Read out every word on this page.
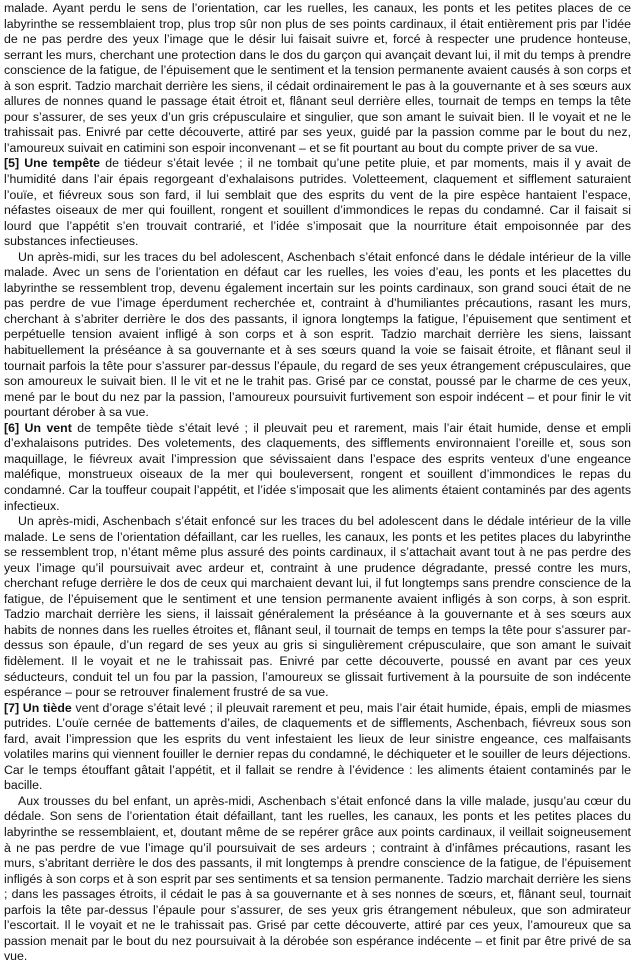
malade. Ayant perdu le sens de l’orientation, car les ruelles, les canaux, les ponts et les petites places de ce labyrinthe se ressemblaient trop, plus trop sûr non plus de ses points cardinaux, il était entièrement pris par l’idée de ne pas perdre des yeux l’image que le désir lui faisait suivre et, forcé à respecter une prudence honteuse, serrant les murs, cherchant une protection dans le dos du garçon qui avançait devant lui, il mit du temps à prendre conscience de la fatigue, de l’épuisement que le sentiment et la tension permanente avaient causés à son corps et à son esprit. Tadzio marchait derrière les siens, il cédait ordinairement le pas à la gouvernante et à ses sœurs aux allures de nonnes quand le passage était étroit et, flânant seul derrière elles, tournait de temps en temps la tête pour s’assurer, de ses yeux d’un gris crépusculaire et singulier, que son amant le suivait bien. Il le voyait et ne le trahissait pas. Enivré par cette découverte, attiré par ses yeux, guidé par la passion comme par le bout du nez, l’amoureux suivait en catimini son espoir inconvenant – et se fit pourtant au bout du compte priver de sa vue.

[5] Une tempête de tiédeur s’était levée ; il ne tombait qu’une petite pluie, et par moments, mais il y avait de l’humidité dans l’air épais regorgeant d’exhalaisons putrides. Voletteement, claquement et sifflement saturaient l’ouïe, et fiévreux sous son fard, il lui semblait que des esprits du vent de la pire espèce hantaient l’espace, néfastes oiseaux de mer qui fouillent, rongent et souillent d’immondices le repas du condamné. Car il faisait si lourd que l’appétit s’en trouvait contrarié, et l’idée s’imposait que la nourriture était empoisonnée par des substances infectieuses.

Un après-midi, sur les traces du bel adolescent, Aschenbach s’était enfoncé dans le dédale intérieur de la ville malade. Avec un sens de l’orientation en défaut car les ruelles, les voies d’eau, les ponts et les placettes du labyrinthe se ressemblent trop, devenu également incertain sur les points cardinaux, son grand souci était de ne pas perdre de vue l’image éperdument recherchée et, contraint à d’humiliantes précautions, rasant les murs, cherchant à s’abriter derrière le dos des passants, il ignora longtemps la fatigue, l’épuisement que sentiment et perpétuelle tension avaient infligé à son corps et à son esprit. Tadzio marchait derrière les siens, laissant habituellement la préséance à sa gouvernante et à ses sœurs quand la voie se faisait étroite, et flânant seul il tournait parfois la tête pour s’assurer par-dessus l’épaule, du regard de ses yeux étrangement crépusculaires, que son amoureux le suivait bien. Il le vit et ne le trahit pas. Grisé par ce constat, poussé par le charme de ces yeux, mené par le bout du nez par la passion, l’amoureux poursuivit furtivement son espoir indécent – et pour finir le vit pourtant dérober à sa vue.

[6] Un vent de tempête tiède s’était levé ; il pleuvait peu et rarement, mais l’air était humide, dense et empli d’exhalaisons putrides. Des voletements, des claquements, des sifflements environnaient l’oreille et, sous son maquillage, le fiévreux avait l’impression que sévissaient dans l’espace des esprits venteux d’une engeance maléfique, monstrueux oiseaux de la mer qui bouleversent, rongent et souillent d’immondices le repas du condamné. Car la touffeur coupait l’appétit, et l’idée s’imposait que les aliments étaient contaminés par des agents infectieux.

Un après-midi, Aschenbach s’était enfoncé sur les traces du bel adolescent dans le dédale intérieur de la ville malade. Le sens de l’orientation défaillant, car les ruelles, les canaux, les ponts et les petites places du labyrinthe se ressemblent trop, n’étant même plus assuré des points cardinaux, il s’attachait avant tout à ne pas perdre des yeux l’image qu’il poursuivait avec ardeur et, contraint à une prudence dégradante, pressé contre les murs, cherchant refuge derrière le dos de ceux qui marchaient devant lui, il fut longtemps sans prendre conscience de la fatigue, de l’épuisement que le sentiment et une tension permanente avaient infligés à son corps, à son esprit. Tadzio marchait derrière les siens, il laissait généralement la préséance à la gouvernante et à ses sœurs aux habits de nonnes dans les ruelles étroites et, flânant seul, il tournait de temps en temps la tête pour s’assurer par-dessus son épaule, d’un regard de ses yeux au gris si singulièrement crépusculaire, que son amant le suivait fidèlement. Il le voyait et ne le trahissait pas. Enivré par cette découverte, poussé en avant par ces yeux séducteurs, conduit tel un fou par la passion, l’amoureux se glissait furtivement à la poursuite de son indécente espérance – pour se retrouver finalement frustré de sa vue.

[7] Un tiède vent d’orage s’était levé ; il pleuvait rarement et peu, mais l’air était humide, épais, empli de miasmes putrides. L’ouïe cernée de battements d’ailes, de claquements et de sifflements, Aschenbach, fiévreux sous son fard, avait l’impression que les esprits du vent infestaient les lieux de leur sinistre engeance, ces malfaisants volatiles marins qui viennent fouiller le dernier repas du condamné, le déchiqueter et le souiller de leurs déjections. Car le temps étouffant gâtait l’appétit, et il fallait se rendre à l’évidence : les aliments étaient contaminés par le bacille.

Aux trousses du bel enfant, un après-midi, Aschenbach s’était enfoncé dans la ville malade, jusqu’au cœur du dédale. Son sens de l’orientation était défaillant, tant les ruelles, les canaux, les ponts et les petites places du labyrinthe se ressemblaient, et, doutant même de se repérer grâce aux points cardinaux, il veillait soigneusement à ne pas perdre de vue l’image qu’il poursuivait de ses ardeurs ; contraint à d’infâmes précautions, rasant les murs, s’abritant derrière le dos des passants, il mit longtemps à prendre conscience de la fatigue, de l’épuisement infligés à son corps et à son esprit par ses sentiments et sa tension permanente. Tadzio marchait derrière les siens ; dans les passages étroits, il cédait le pas à sa gouvernante et à ses nonnes de sœurs, et, flânant seul, tournait parfois la tête par-dessus l’épaule pour s’assurer, de ses yeux gris étrangement nébuleux, que son admirateur l’escortait. Il le voyait et ne le trahissait pas. Grisé par cette découverte, attiré par ces yeux, l’amoureux que sa passion menait par le bout du nez poursuivait à la dérobée son espérance indécente – et finit par être privé de sa vue.
